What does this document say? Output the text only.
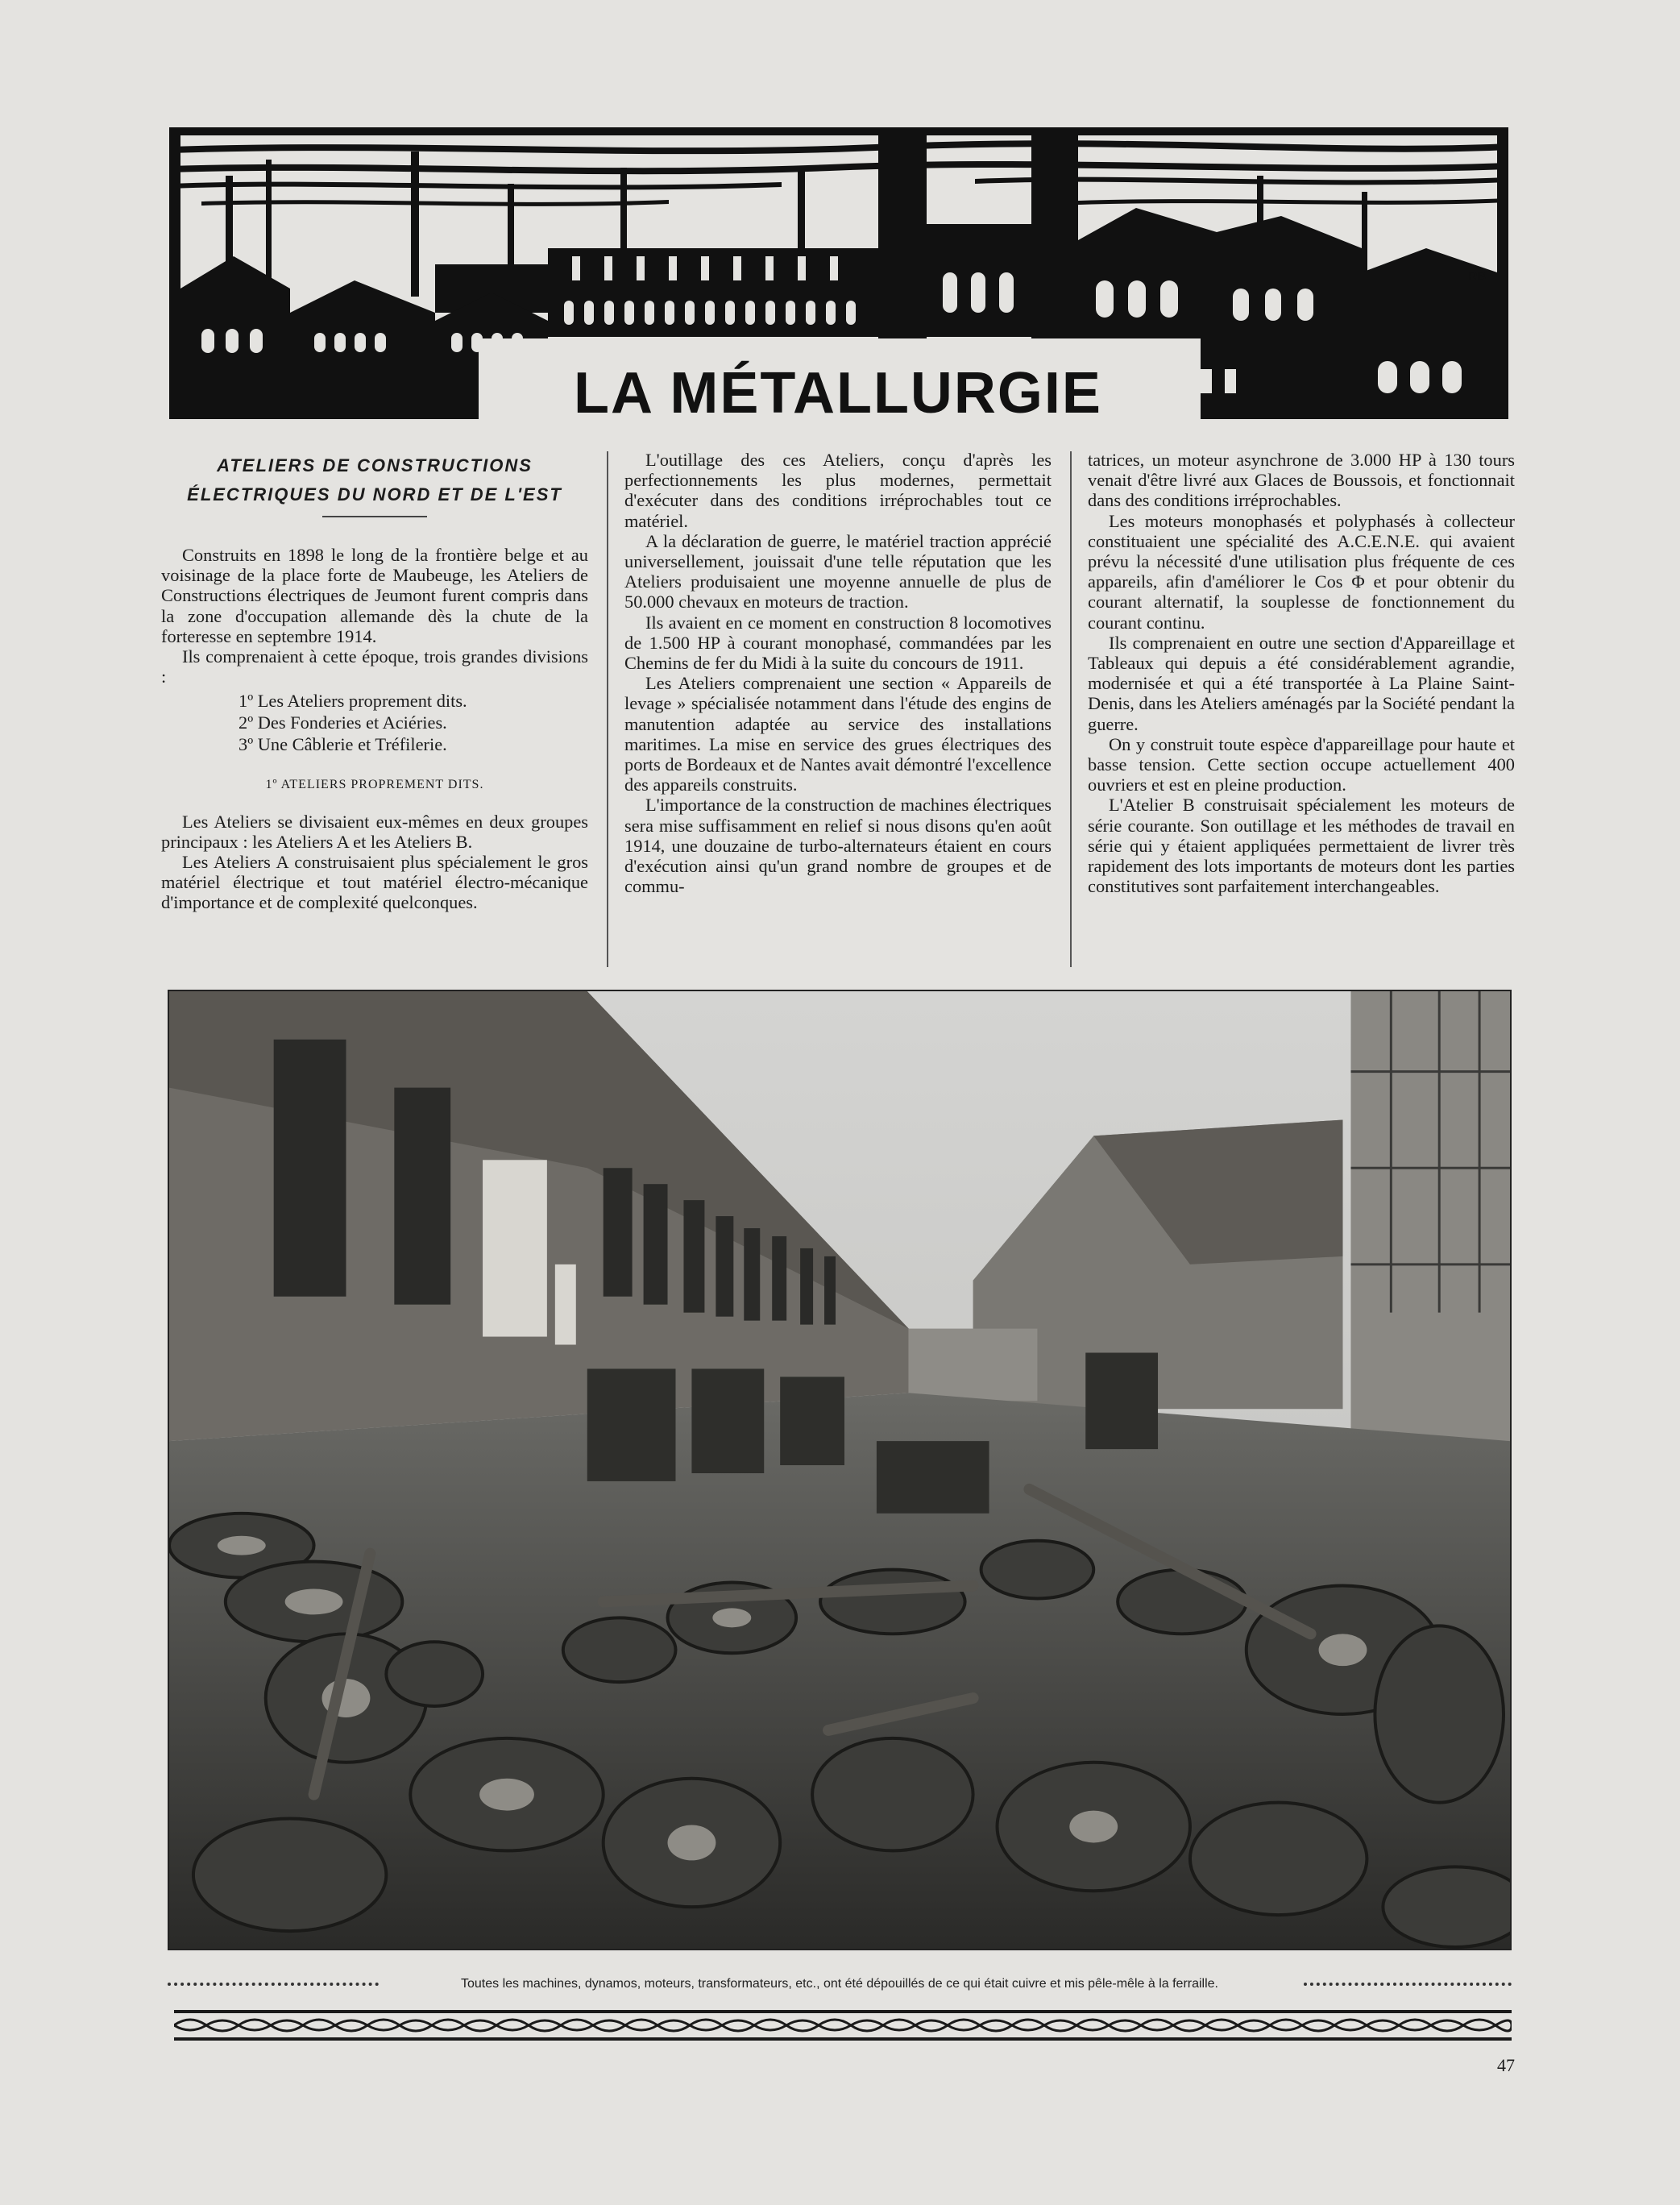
RB
LA MÉTALLURGIE
ATELIERS DE CONSTRUCTIONS
ÉLECTRIQUES DU NORD ET DE L'EST

Construits en 1898 le long de la frontière belge et au voisinage de la place forte de Maubeuge, les Ateliers de Constructions électriques de Jeumont furent compris dans la zone d'occupation allemande dès la chute de la forteresse en septembre 1914.

Ils comprenaient à cette époque, trois grandes divisions :

1º Les Ateliers proprement dits.
2º Des Fonderies et Aciéries.
3º Une Câblerie et Tréfilerie.
1º ATELIERS PROPREMENT DITS.

Les Ateliers se divisaient eux-mêmes en deux groupes principaux : les Ateliers A et les Ateliers B.

Les Ateliers A construisaient plus spécialement le gros matériel électrique et tout matériel électro-mécanique d'importance et de complexité quelconques.

L'outillage des ces Ateliers, conçu d'après les perfectionnements les plus modernes, permettait d'exécuter dans des conditions irréprochables tout ce matériel.

A la déclaration de guerre, le matériel traction apprécié universellement, jouissait d'une telle réputation que les Ateliers produisaient une moyenne annuelle de plus de 50.000 chevaux en moteurs de traction.

Ils avaient en ce moment en construction 8 locomotives de 1.500 HP à courant monophasé, commandées par les Chemins de fer du Midi à la suite du concours de 1911.

Les Ateliers comprenaient une section « Appareils de levage » spécialisée notamment dans l'étude des engins de manutention adaptée au service des installations maritimes. La mise en service des grues électriques des ports de Bordeaux et de Nantes avait démontré l'excellence des appareils construits.

L'importance de la construction de machines électriques sera mise suffisamment en relief si nous disons qu'en août 1914, une douzaine de turbo-alternateurs étaient en cours d'exécution ainsi qu'un grand nombre de groupes et de commu-

tatrices, un moteur asynchrone de 3.000 HP à 130 tours venait d'être livré aux Glaces de Boussois, et fonctionnait dans des conditions irréprochables.

Les moteurs monophasés et polyphasés à collecteur constituaient une spécialité des A.C.E.N.E. qui avaient prévu la nécessité d'une utilisation plus fréquente de ces appareils, afin d'améliorer le Cos Φ et pour obtenir du courant alternatif, la souplesse de fonctionnement du courant continu.

Ils comprenaient en outre une section d'Appareillage et Tableaux qui depuis a été considérablement agrandie, modernisée et qui a été transportée à La Plaine Saint-Denis, dans les Ateliers aménagés par la Société pendant la guerre.

On y construit toute espèce d'appareillage pour haute et basse tension. Cette section occupe actuellement 400 ouvriers et est en pleine production.

L'Atelier B construisait spécialement les moteurs de série courante. Son outillage et les méthodes de travail en série qui y étaient appliquées permettaient de livrer très rapidement des lots importants de moteurs dont les parties constitutives sont parfaitement interchangeables.

Toutes les machines, dynamos, moteurs, transformateurs, etc., ont été dépouillés de ce qui était cuivre et mis pêle-mêle à la ferraille.
47
